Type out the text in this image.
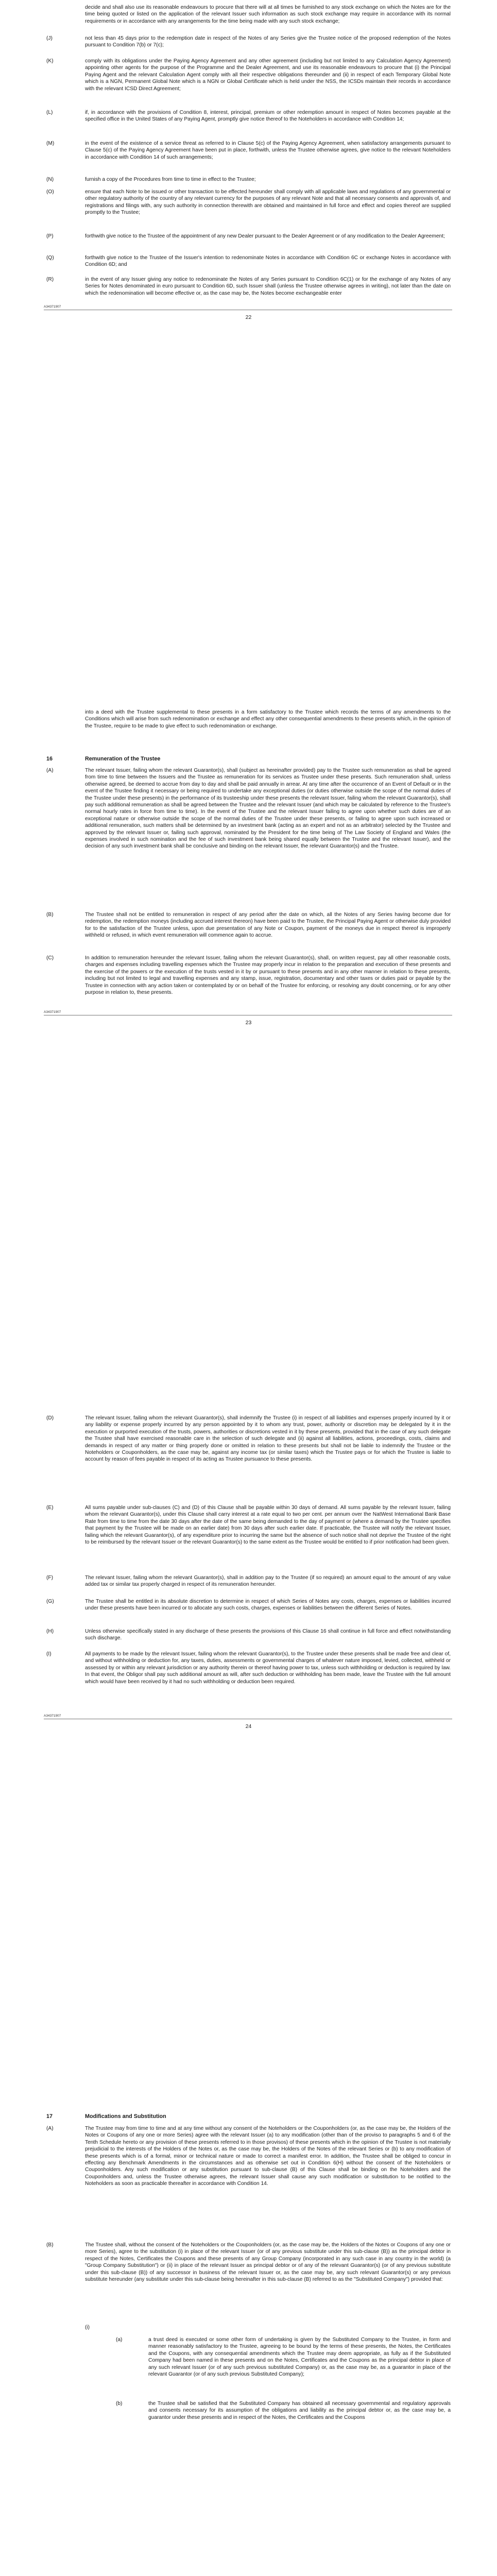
decide and shall also use its reasonable endeavours to procure that there will at all times be furnished to any stock exchange on which the Notes are for the time being quoted or listed on the application of the relevant Issuer such information as such stock exchange may require in accordance with its normal requirements or in accordance with any arrangements for the time being made with any such stock exchange;
(J)	not less than 45 days prior to the redemption date in respect of the Notes of any Series give the Trustee notice of the proposed redemption of the Notes pursuant to Condition 7(b) or 7(c);
(K)	comply with its obligations under the Paying Agency Agreement and any other agreement (including but not limited to any Calculation Agency Agreement) appointing other agents for the purpose of the Programme and the Dealer Agreement, and use its reasonable endeavours to procure that (i) the Principal Paying Agent and the relevant Calculation Agent comply with all their respective obligations thereunder and (ii) in respect of each Temporary Global Note which is a NGN, Permanent Global Note which is a NGN or Global Certificate which is held under the NSS, the ICSDs maintain their records in accordance with the relevant ICSD Direct Agreement;
(L)	if, in accordance with the provisions of Condition 8, interest, principal, premium or other redemption amount in respect of Notes becomes payable at the specified office in the United States of any Paying Agent, promptly give notice thereof to the Noteholders in accordance with Condition 14;
(M)	in the event of the existence of a service threat as referred to in Clause 5(c) of the Paying Agency Agreement, when satisfactory arrangements pursuant to Clause 5(c) of the Paying Agency Agreement have been put in place, forthwith, unless the Trustee otherwise agrees, give notice to the relevant Noteholders in accordance with Condition 14 of such arrangements;
(N)	furnish a copy of the Procedures from time to time in effect to the Trustee;
(O)	ensure that each Note to be issued or other transaction to be effected hereunder shall comply with all applicable laws and regulations of any governmental or other regulatory authority of the country of any relevant currency for the purposes of any relevant Note and that all necessary consents and approvals of, and registrations and filings with, any such authority in connection therewith are obtained and maintained in full force and effect and copies thereof are supplied promptly to the Trustee;
(P)	forthwith give notice to the Trustee of the appointment of any new Dealer pursuant to the Dealer Agreement or of any modification to the Dealer Agreement;
(Q)	forthwith give notice to the Trustee of the Issuer's intention to redenominate Notes in accordance with Condition 6C or exchange Notes in accordance with Condition 6D; and
(R)	in the event of any Issuer giving any notice to redenominate the Notes of any Series pursuant to Condition 6C(1) or for the exchange of any Notes of any Series for Notes denominated in euro pursuant to Condition 6D, such Issuer shall (unless the Trustee otherwise agrees in writing), not later than the date on which the redenomination will become effective or, as the case may be, the Notes become exchangeable enter
A34371907
22
into a deed with the Trustee supplemental to these presents in a form satisfactory to the Trustee which records the terms of any amendments to the Conditions which will arise from such redenomination or exchange and effect any other consequential amendments to these presents which, in the opinion of the Trustee, require to be made to give effect to such redenomination or exchange.
16	Remuneration of the Trustee
(A)	The relevant Issuer, failing whom the relevant Guarantor(s), shall (subject as hereinafter provided) pay to the Trustee such remuneration as shall be agreed from time to time between the Issuers and the Trustee as remuneration for its services as Trustee under these presents. Such remuneration shall, unless otherwise agreed, be deemed to accrue from day to day and shall be paid annually in arrear. At any time after the occurrence of an Event of Default or in the event of the Trustee finding it necessary or being required to undertake any exceptional duties (or duties otherwise outside the scope of the normal duties of the Trustee under these presents) in the performance of its trusteeship under these presents the relevant Issuer, failing whom the relevant Guarantor(s), shall pay such additional remuneration as shall be agreed between the Trustee and the relevant Issuer (and which may be calculated by reference to the Trustee's normal hourly rates in force from time to time). In the event of the Trustee and the relevant Issuer failing to agree upon whether such duties are of an exceptional nature or otherwise outside the scope of the normal duties of the Trustee under these presents, or failing to agree upon such increased or additional remuneration, such matters shall be determined by an investment bank (acting as an expert and not as an arbitrator) selected by the Trustee and approved by the relevant Issuer or, failing such approval, nominated by the President for the time being of The Law Society of England and Wales (the expenses involved in such nomination and the fee of such investment bank being shared equally between the Trustee and the relevant Issuer), and the decision of any such investment bank shall be conclusive and binding on the relevant Issuer, the relevant Guarantor(s) and the Trustee.
(B)	The Trustee shall not be entitled to remuneration in respect of any period after the date on which, all the Notes of any Series having become due for redemption, the redemption moneys (including accrued interest thereon) have been paid to the Trustee, the Principal Paying Agent or otherwise duly provided for to the satisfaction of the Trustee unless, upon due presentation of any Note or Coupon, payment of the moneys due in respect thereof is improperly withheld or refused, in which event remuneration will commence again to accrue.
(C)	In addition to remuneration hereunder the relevant Issuer, failing whom the relevant Guarantor(s), shall, on written request, pay all other reasonable costs, charges and expenses including travelling expenses which the Trustee may properly incur in relation to the preparation and execution of these presents and the exercise of the powers or the execution of the trusts vested in it by or pursuant to these presents and in any other manner in relation to these presents, including but not limited to legal and travelling expenses and any stamp, issue, registration, documentary and other taxes or duties paid or payable by the Trustee in connection with any action taken or contemplated by or on behalf of the Trustee for enforcing, or resolving any doubt concerning, or for any other purpose in relation to, these presents.
A34371907
23
(D)	The relevant Issuer, failing whom the relevant Guarantor(s), shall indemnify the Trustee (i) in respect of all liabilities and expenses properly incurred by it or any liability or expense properly incurred by any person appointed by it to whom any trust, power, authority or discretion may be delegated by it in the execution or purported execution of the trusts, powers, authorities or discretions vested in it by these presents, provided that in the case of any such delegate the Trustee shall have exercised reasonable care in the selection of such delegate and (ii) against all liabilities, actions, proceedings, costs, claims and demands in respect of any matter or thing properly done or omitted in relation to these presents but shall not be liable to indemnify the Trustee or the Noteholders or Couponholders, as the case may be, against any income tax (or similar taxes) which the Trustee pays or for which the Trustee is liable to account by reason of fees payable in respect of its acting as Trustee pursuance to these presents.
(E)	All sums payable under sub-clauses (C) and (D) of this Clause shall be payable within 30 days of demand. All sums payable by the relevant Issuer, failing whom the relevant Guarantor(s), under this Clause shall carry interest at a rate equal to two per cent. per annum over the NatWest International Bank Base Rate from time to time from the date 30 days after the date of the same being demanded to the day of payment or (where a demand by the Trustee specifies that payment by the Trustee will be made on an earlier date) from 30 days after such earlier date. If practicable, the Trustee will notify the relevant Issuer, failing which the relevant Guarantor(s), of any expenditure prior to incurring the same but the absence of such notice shall not deprive the Trustee of the right to be reimbursed by the relevant Issuer or the relevant Guarantor(s) to the same extent as the Trustee would be entitled to if prior notification had been given.
(F)	The relevant Issuer, failing whom the relevant Guarantor(s), shall in addition pay to the Trustee (if so required) an amount equal to the amount of any value added tax or similar tax properly charged in respect of its remuneration hereunder.
(G)	The Trustee shall be entitled in its absolute discretion to determine in respect of which Series of Notes any costs, charges, expenses or liabilities incurred under these presents have been incurred or to allocate any such costs, charges, expenses or liabilities between the different Series of Notes.
(H)	Unless otherwise specifically stated in any discharge of these presents the provisions of this Clause 16 shall continue in full force and effect notwithstanding such discharge.
(I)	All payments to be made by the relevant Issuer, failing whom the relevant Guarantor(s), to the Trustee under these presents shall be made free and clear of, and without withholding or deduction for, any taxes, duties, assessments or governmental charges of whatever nature imposed, levied, collected, withheld or assessed by or within any relevant jurisdiction or any authority therein or thereof having power to tax, unless such withholding or deduction is required by law. In that event, the Obligor shall pay such additional amount as will, after such deduction or withholding has been made, leave the Trustee with the full amount which would have been received by it had no such withholding or deduction been required.
A34371907
24
17	Modifications and Substitution
(A)	The Trustee may from time to time and at any time without any consent of the Noteholders or the Couponholders (or, as the case may be, the Holders of the Notes or Coupons of any one or more Series) agree with the relevant Issuer (a) to any modification (other than of the proviso to paragraphs 5 and 6 of the Tenth Schedule hereto or any provision of these presents referred to in those provisos) of these presents which in the opinion of the Trustee is not materially prejudicial to the interests of the Holders of the Notes or, as the case may be, the Holders of the Notes of the relevant Series or (b) to any modification of these presents which is of a formal, minor or technical nature or made to correct a manifest error. In addition, the Trustee shall be obliged to concur in effecting any Benchmark Amendments in the circumstances and as otherwise set out in Condition 6(H) without the consent of the Noteholders or Couponholders. Any such modification or any substitution pursuant to sub-clause (B) of this Clause shall be binding on the Noteholders and the Couponholders and, unless the Trustee otherwise agrees, the relevant Issuer shall cause any such modification or substitution to be notified to the Noteholders as soon as practicable thereafter in accordance with Condition 14.
(B)	The Trustee shall, without the consent of the Noteholders or the Couponholders (or, as the case may be, the Holders of the Notes or Coupons of any one or more Series), agree to the substitution (i) in place of the relevant Issuer (or of any previous substitute under this sub-clause (B)) as the principal debtor in respect of the Notes, Certificates the Coupons and these presents of any Group Company (incorporated in any such case in any country in the world) (a "Group Company Substitution") or (ii) in place of the relevant Issuer as principal debtor or of any of the relevant Guarantor(s) (or of any previous substitute under this sub-clause (B)) of any successor in business of the relevant Issuer or, as the case may be, any such relevant Guarantor(s) or any previous substitute hereunder (any substitute under this sub-clause being hereinafter in this sub-clause (B) referred to as the "Substituted Company") provided that:
(i)
(a)	a trust deed is executed or some other form of undertaking is given by the Substituted Company to the Trustee, in form and manner reasonably satisfactory to the Trustee, agreeing to be bound by the terms of these presents, the Notes, the Certificates and the Coupons, with any consequential amendments which the Trustee may deem appropriate, as fully as if the Substituted Company had been named in these presents and on the Notes, Certificates and the Coupons as the principal debtor in place of any such relevant Issuer (or of any such previous substituted Company) or, as the case may be, as a guarantor in place of the relevant Guarantor (or of any such previous Substituted Company);
(b)	the Trustee shall be satisfied that the Substituted Company has obtained all necessary governmental and regulatory approvals and consents necessary for its assumption of the obligations and liability as the principal debtor or, as the case may be, a guarantor under these presents and in respect of the Notes, the Certificates and the Coupons
